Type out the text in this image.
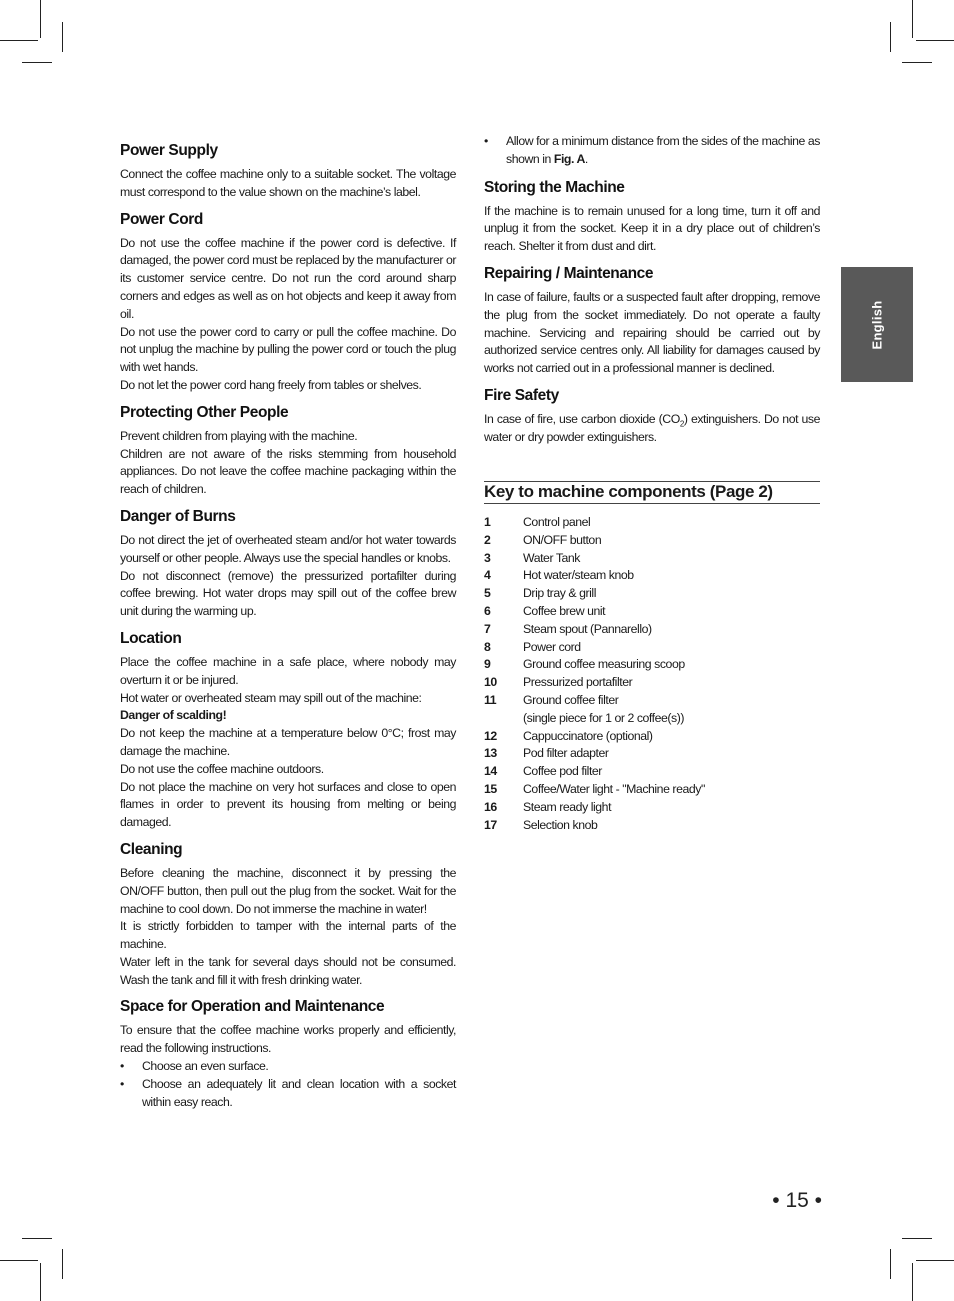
Power Supply

Connect the coffee machine only to a suitable socket. The voltage must correspond to the value shown on the machine’s label.

Power Cord

Do not use the coffee machine if the power cord is defective. If damaged, the power cord must be replaced by the manufacturer or its customer service centre. Do not run the cord around sharp corners and edges as well as on hot objects and keep it away from oil.

Do not use the power cord to carry or pull the coffee machine. Do not unplug the machine by pulling the power cord or touch the plug with wet hands.

Do not let the power cord hang freely from tables or shelves.

Protecting Other People

Prevent children from playing with the machine.

Children are not aware of the risks stemming from household appliances. Do not leave the coffee machine packaging within the reach of children.

Danger of Burns

Do not direct the jet of overheated steam and/or hot water towards yourself or other people. Always use the special handles or knobs.

Do not disconnect (remove) the pressurized portafilter during coffee brewing. Hot water drops may spill out of the coffee brew unit during the warming up.

Location

Place the coffee machine in a safe place, where nobody may overturn it or be injured.

Hot water or overheated steam may spill out of the machine:

Danger of scalding!

Do not keep the machine at a temperature below 0°C; frost may damage the machine.

Do not use the coffee machine outdoors.

Do not place the machine on very hot surfaces and close to open flames in order to prevent its housing from melting or being damaged.

Cleaning

Before cleaning the machine, disconnect it by pressing the ON/OFF button, then pull out the plug from the socket. Wait for the machine to cool down. Do not immerse the machine in water!

It is strictly forbidden to tamper with the internal parts of the machine.

Water left in the tank for several days should not be consumed. Wash the tank and fill it with fresh drinking water.

Space for Operation and Maintenance

To ensure that the coffee machine works properly and efficiently, read the following instructions.

• Choose an even surface.
• Choose an adequately lit and clean location with a socket within easy reach.
• Allow for a minimum distance from the sides of the machine as shown in Fig. A.
Storing the Machine

If the machine is to remain unused for a long time, turn it off and unplug it from the socket. Keep it in a dry place out of children’s reach. Shelter it from dust and dirt.

Repairing / Maintenance

In case of failure, faults or a suspected fault after dropping, remove the plug from the socket immediately. Do not operate a faulty machine. Servicing and repairing should be carried out by authorized service centres only. All liability for damages caused by works not carried out in a professional manner is declined.

Fire Safety

In case of fire, use carbon dioxide $(CO_2)$ extinguishers. Do not use water or dry powder extinguishers.

Key to machine components (Page 2)
1	Control panel
2	ON/OFF button
3	Water Tank
4	Hot water/steam knob
5	Drip tray & grill
6	Coffee brew unit
7	Steam spout (Pannarello)
8	Power cord
9	Ground coffee measuring scoop
10	Pressurized portafilter
11	Ground coffee filter
(single piece for 1 or 2 coffee(s))
12	Cappuccinatore (optional)
13	Pod filter adapter
14	Coffee pod filter
15	Coffee/Water light - "Machine ready"
16	Steam ready light
17	Selection knob
English
• 15 •
